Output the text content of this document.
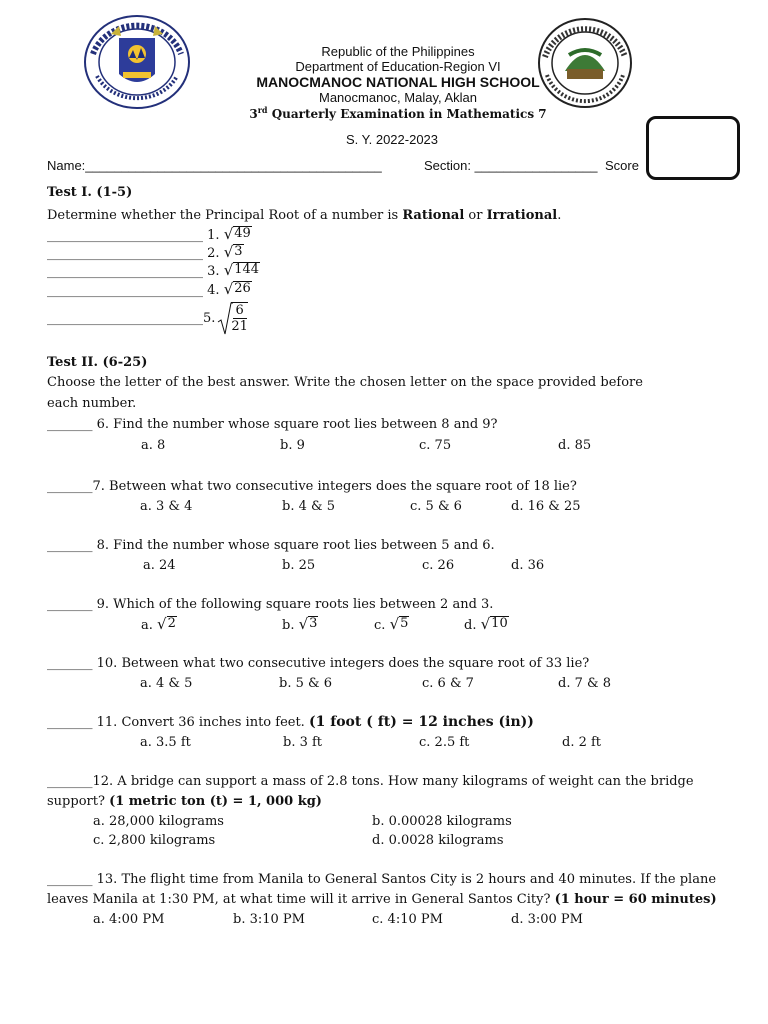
Republic of the Philippines
Department of Education-Region VI
MANOCMANOC NATIONAL HIGH SCHOOL
Manocmanoc, Malay, Aklan
3rd Quarterly Examination in Mathematics 7
S. Y. 2022-2023
Name:_________________________________________	Section: _________________ Score
Test I. (1-5)
Determine whether the Principal Root of a number is Rational or Irrational.
________________________ 1. √ 49
________________________ 2. √ 3
________________________ 3. √ 144
________________________ 4. √ 26
________________________ 5. $\frac{6}{21}$
Test II. (6-25)
Choose the letter of the best answer. Write the chosen letter on the space provided before
each number.
_______ 6. Find the number whose square root lies between 8 and 9?
a. 8	b. 9	c. 75	d. 85
_______7. Between what two consecutive integers does the square root of 18 lie?
a. 3 & 4	b. 4 & 5	c. 5 & 6	d. 16 & 25
_______ 8. Find the number whose square root lies between 5 and 6.
a. 24	b. 25	c. 26	d. 36
_______ 9. Which of the following square roots lies between 2 and 3.
a. √ 2	b. √ 3	c. √ 5	d. √ 10
_______ 10. Between what two consecutive integers does the square root of 33 lie?
a. 4 & 5	b. 5 & 6	c. 6 & 7	d. 7 & 8
_______ 11. Convert 36 inches into feet. (1 foot ( ft) = 12 inches (in))
a. 3.5 ft	b. 3 ft	c. 2.5 ft	d. 2 ft
_______12. A bridge can support a mass of 2.8 tons. How many kilograms of weight can the bridge
support? (1 metric ton (t) = 1, 000 kg)
a. 28,000 kilograms	b. 0.00028 kilograms
c. 2,800 kilograms	d. 0.0028 kilograms
_______ 13. The flight time from Manila to General Santos City is 2 hours and 40 minutes. If the plane
leaves Manila at 1:30 PM, at what time will it arrive in General Santos City? (1 hour = 60 minutes)
a. 4:00 PM	b. 3:10 PM	c. 4:10 PM	d. 3:00 PM
